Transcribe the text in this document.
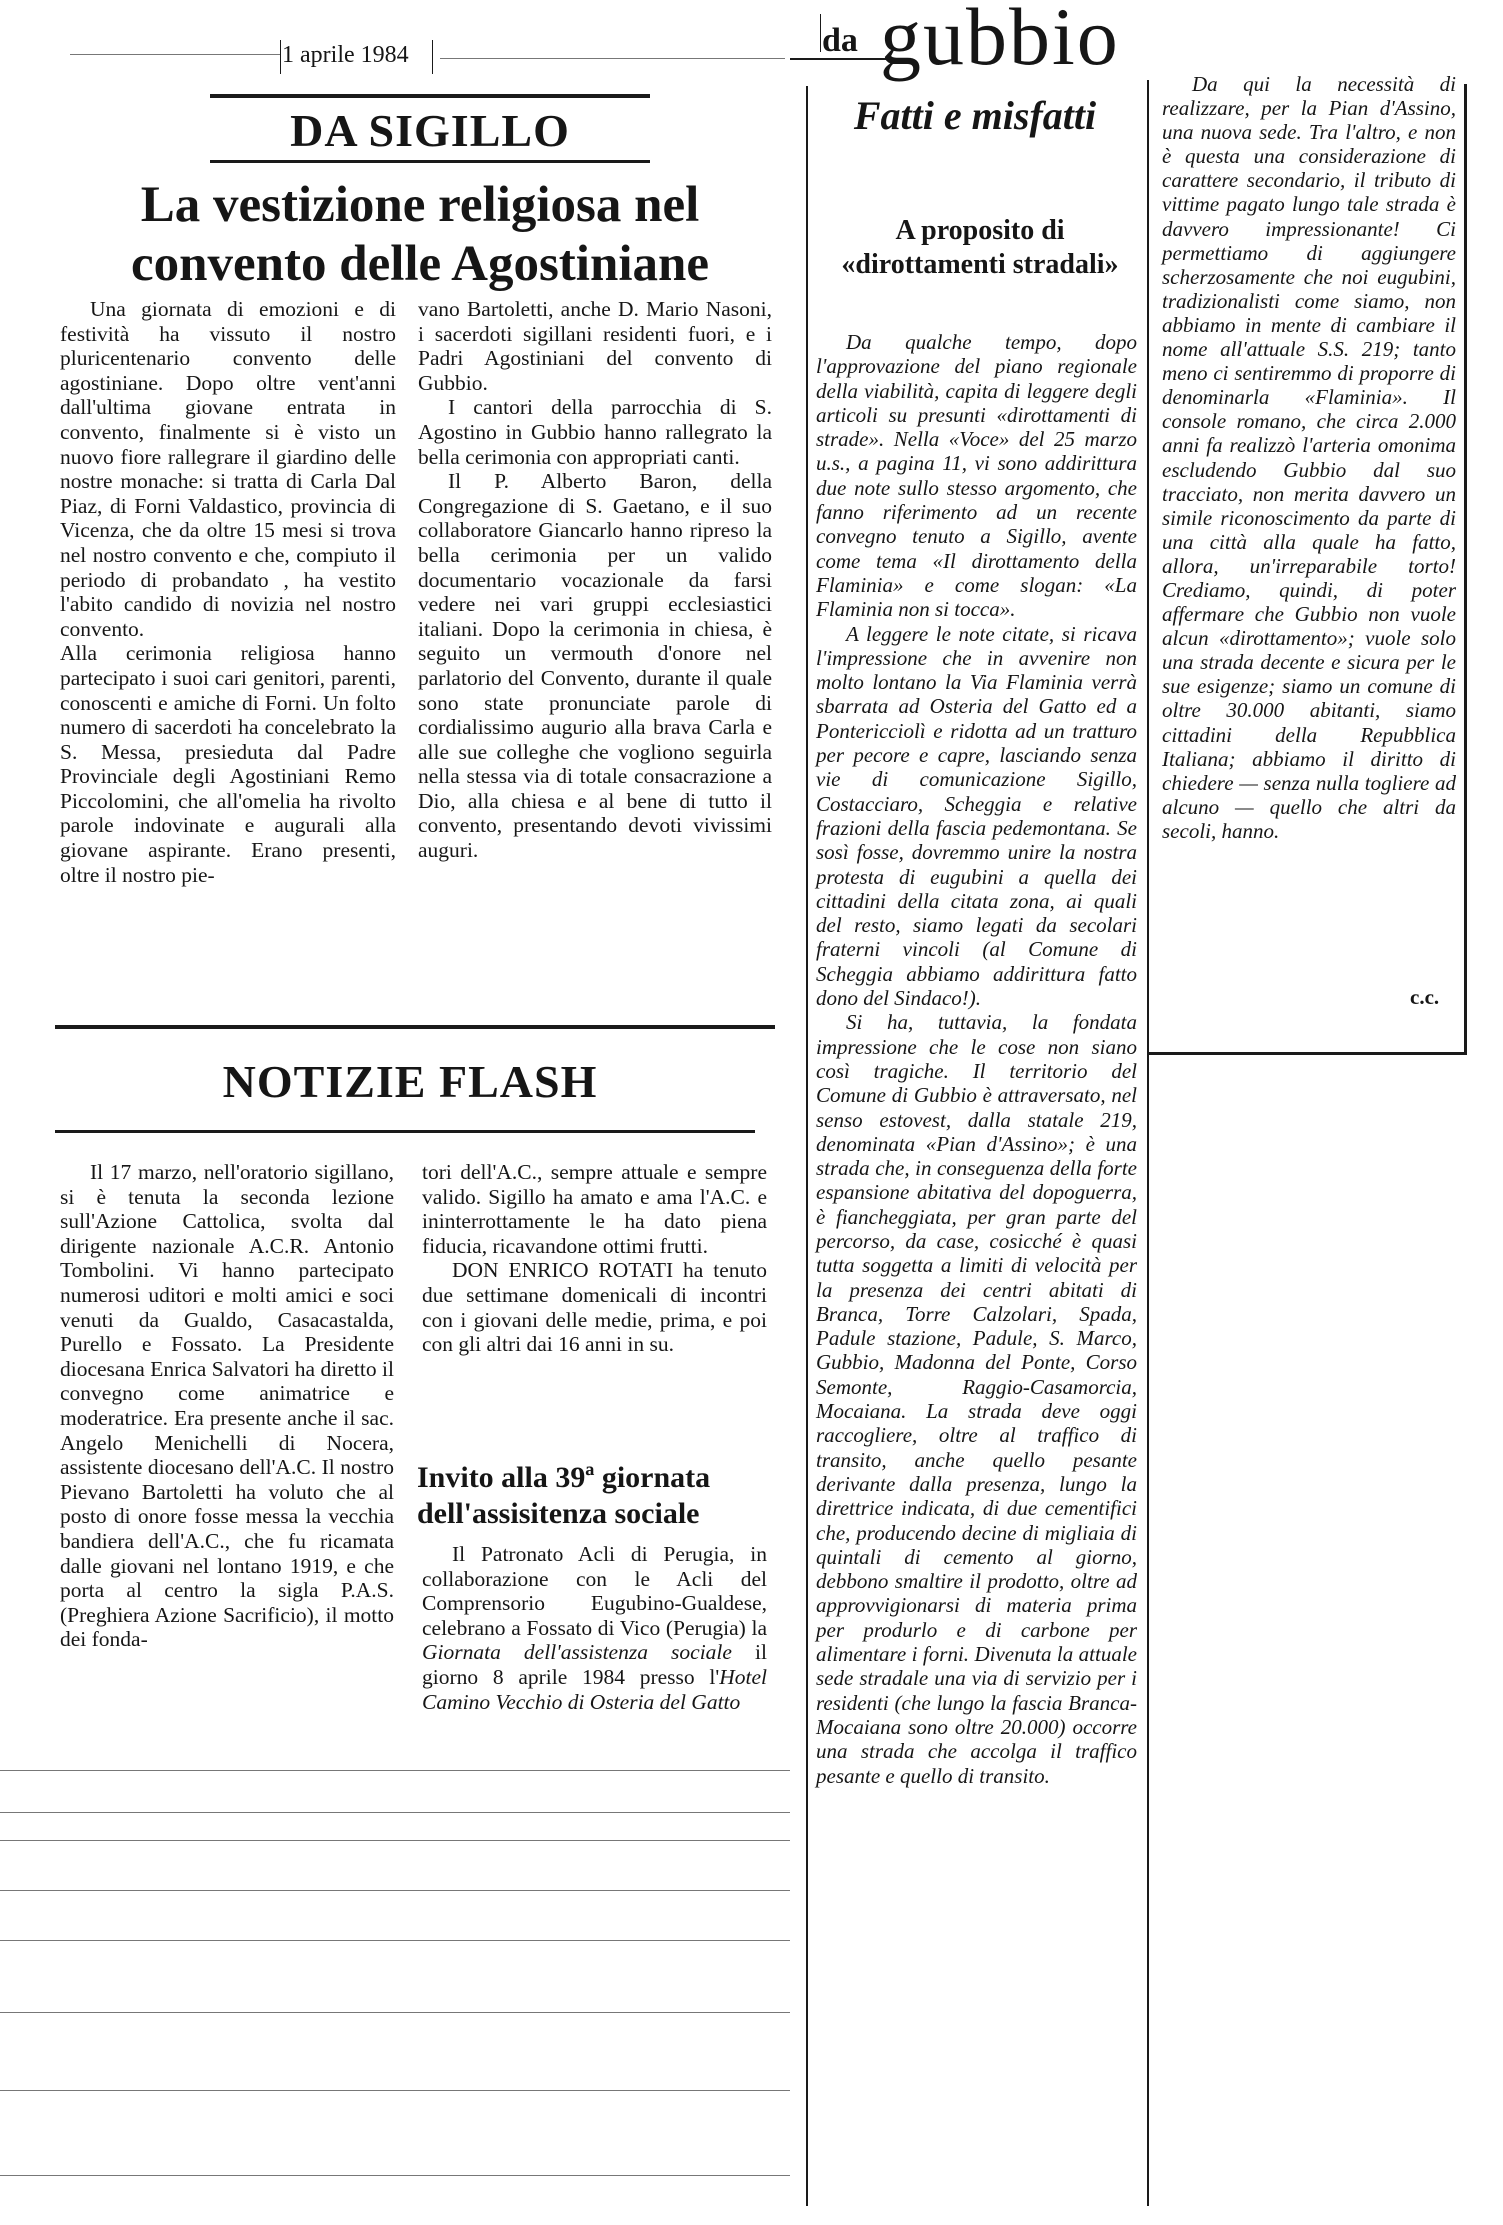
1 aprile 1984
DA SIGILLO
La vestizione religiosa nel convento delle Agostiniane

Una giornata di emozioni e di festività ha vissuto il nostro pluricentenario convento delle agostiniane. Dopo oltre vent'anni dall'ultima giovane entrata in convento, finalmente si è visto un nuovo fiore rallegrare il giardino delle nostre monache: si tratta di Carla Dal Piaz, di Forni Valdastico, provincia di Vicenza, che da oltre 15 mesi si trova nel nostro convento e che, compiuto il periodo di probandato , ha vestito l'abito candido di novizia nel nostro convento.

Alla cerimonia religiosa hanno partecipato i suoi cari genitori, parenti, conoscenti e amiche di Forni. Un folto numero di sacerdoti ha concelebrato la S. Messa, presieduta dal Padre Provinciale degli Agostiniani Remo Piccolomini, che all'omelia ha rivolto parole indovinate e augurali alla giovane aspirante. Erano presenti, oltre il nostro pie-

vano Bartoletti, anche D. Mario Nasoni, i sacerdoti sigillani residenti fuori, e i Padri Agostiniani del convento di Gubbio.

I cantori della parrocchia di S. Agostino in Gubbio hanno rallegrato la bella cerimonia con appropriati canti.

Il P. Alberto Baron, della Congregazione di S. Gaetano, e il suo collaboratore Giancarlo hanno ripreso la bella cerimonia per un valido documentario vocazionale da farsi vedere nei vari gruppi ecclesiastici italiani. Dopo la cerimonia in chiesa, è seguito un vermouth d'onore nel parlatorio del Convento, durante il quale sono state pronunciate parole di cordialissimo augurio alla brava Carla e alle sue colleghe che vogliono seguirla nella stessa via di totale consacrazione a Dio, alla chiesa e al bene di tutto il convento, presentando devoti vivissimi auguri.

NOTIZIE FLASH

Il 17 marzo, nell'oratorio sigillano, si è tenuta la seconda lezione sull'Azione Cattolica, svolta dal dirigente nazionale A.C.R. Antonio Tombolini. Vi hanno partecipato numerosi uditori e molti amici e soci venuti da Gualdo, Casacastalda, Purello e Fossato. La Presidente diocesana Enrica Salvatori ha diretto il convegno come animatrice e moderatrice. Era presente anche il sac. Angelo Menichelli di Nocera, assistente diocesano dell'A.C. Il nostro Pievano Bartoletti ha voluto che al posto di onore fosse messa la vecchia bandiera dell'A.C., che fu ricamata dalle giovani nel lontano 1919, e che porta al centro la sigla P.A.S. (Preghiera Azione Sacrificio), il motto dei fonda-

tori dell'A.C., sempre attuale e sempre valido. Sigillo ha amato e ama l'A.C. e ininterrottamente le ha dato piena fiducia, ricavandone ottimi frutti.

DON ENRICO ROTATI ha tenuto due settimane domenicali di incontri con i giovani delle medie, prima, e poi con gli altri dai 16 anni in su.

Invito alla 39ª giornata dell'assisitenza sociale

Il Patronato Acli di Perugia, in collaborazione con le Acli del Comprensorio Eugubino-Gualdese, celebrano a Fossato di Vico (Perugia) la Giornata dell'assistenza sociale il giorno 8 aprile 1984 presso l'Hotel Camino Vecchio di Osteria del Gatto

da gubbio
Fatti e misfatti
A proposito di «dirottamenti stradali»

Da qualche tempo, dopo l'approvazione del piano regionale della viabilità, capita di leggere degli articoli su presunti «dirottamenti di strade». Nella «Voce» del 25 marzo u.s., a pagina 11, vi sono addirittura due note sullo stesso argomento, che fanno riferimento ad un recente convegno tenuto a Sigillo, avente come tema «Il dirottamento della Flaminia» e come slogan: «La Flaminia non si tocca».

A leggere le note citate, si ricava l'impressione che in avvenire non molto lontano la Via Flaminia verrà sbarrata ad Osteria del Gatto ed a Pontericciolì e ridotta ad un tratturo per pecore e capre, lasciando senza vie di comunicazione Sigillo, Costacciaro, Scheggia e relative frazioni della fascia pedemontana. Se sosì fosse, dovremmo unire la nostra protesta di eugubini a quella dei cittadini della citata zona, ai quali del resto, siamo legati da secolari fraterni vincoli (al Comune di Scheggia abbiamo addirittura fatto dono del Sindaco!).

Si ha, tuttavia, la fondata impressione che le cose non siano così tragiche. Il territorio del Comune di Gubbio è attraversato, nel senso estovest, dalla statale 219, denominata «Pian d'Assino»; è una strada che, in conseguenza della forte espansione abitativa del dopoguerra, è fiancheggiata, per gran parte del percorso, da case, cosicché è quasi tutta soggetta a limiti di velocità per la presenza dei centri abitati di Branca, Torre Calzolari, Spada, Padule stazione, Padule, S. Marco, Gubbio, Madonna del Ponte, Corso Semonte, Raggio-Casamorcia, Mocaiana. La strada deve oggi raccogliere, oltre al traffico di transito, anche quello pesante derivante dalla presenza, lungo la direttrice indicata, di due cementifici che, producendo decine di migliaia di quintali di cemento al giorno, debbono smaltire il prodotto, oltre ad approvvigionarsi di materia prima per produrlo e di carbone per alimentare i forni. Divenuta la attuale sede stradale una via di servizio per i residenti (che lungo la fascia Branca-Mocaiana sono oltre 20.000) occorre una strada che accolga il traffico pesante e quello di transito.

Da qui la necessità di realizzare, per la Pian d'Assino, una nuova sede. Tra l'altro, e non è questa una considerazione di carattere secondario, il tributo di vittime pagato lungo tale strada è davvero impressionante! Ci permettiamo di aggiungere scherzosamente che noi eugubini, tradizionalisti come siamo, non abbiamo in mente di cambiare il nome all'attuale S.S. 219; tanto meno ci sentiremmo di proporre di denominarla «Flaminia». Il console romano, che circa 2.000 anni fa realizzò l'arteria omonima escludendo Gubbio dal suo tracciato, non merita davvero un simile riconoscimento da parte di una città alla quale ha fatto, allora, un'irreparabile torto! Crediamo, quindi, di poter affermare che Gubbio non vuole alcun «dirottamento»; vuole solo una strada decente e sicura per le sue esigenze; siamo un comune di oltre 30.000 abitanti, siamo cittadini della Repubblica Italiana; abbiamo il diritto di chiedere — senza nulla togliere ad alcuno — quello che altri da secoli, hanno.

c.c.
